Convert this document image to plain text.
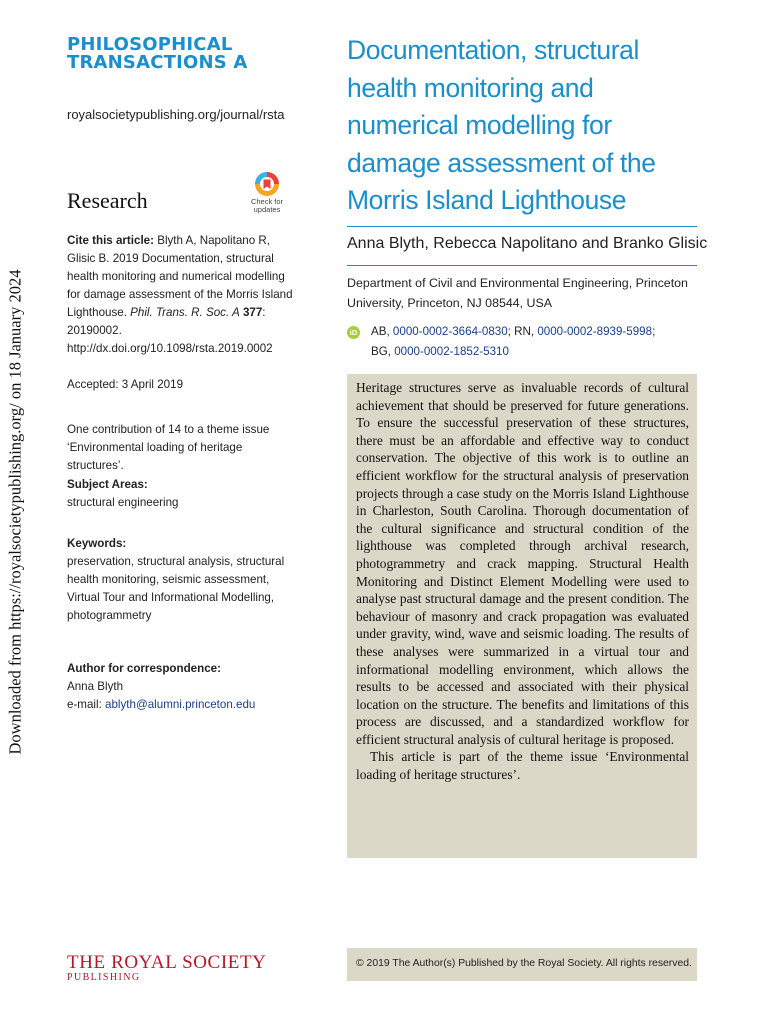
Downloaded from https://royalsocietypublishing.org/ on 18 January 2024
PHILOSOPHICAL
TRANSACTIONS A
royalsocietypublishing.org/journal/rsta
Research	Check for
updates
Cite this article: Blyth A, Napolitano R, Glisic B. 2019 Documentation, structural health monitoring and numerical modelling for damage assessment of the Morris Island Lighthouse. Phil. Trans. R. Soc. A 377: 20190002. http://dx.doi.org/10.1098/rsta.2019.0002
Accepted: 3 April 2019
One contribution of 14 to a theme issue ‘Environmental loading of heritage structures’.
Subject Areas:
structural engineering
Keywords:
preservation, structural analysis, structural health monitoring, seismic assessment, Virtual Tour and Informational Modelling, photogrammetry
Author for correspondence:
Anna Blyth
e-mail: ablyth@alumni.princeton.edu
Documentation, structural health monitoring and numerical modelling for damage assessment of the Morris Island Lighthouse
Anna Blyth, Rebecca Napolitano and Branko Glisic
Department of Civil and Environmental Engineering, Princeton University, Princeton, NJ 08544, USA
iD	AB, 0000-0002-3664-0830; RN, 0000-0002-8939-5998;
BG, 0000-0002-1852-5310

Heritage structures serve as invaluable records of cultural achievement that should be preserved for future generations. To ensure the successful preservation of these structures, there must be an affordable and effective way to conduct conservation. The objective of this work is to outline an efficient workflow for the structural analysis of preservation projects through a case study on the Morris Island Lighthouse in Charleston, South Carolina. Thorough documentation of the cultural significance and structural condition of the lighthouse was completed through archival research, photogrammetry and crack mapping. Structural Health Monitoring and Distinct Element Modelling were used to analyse past structural damage and the present condition. The behaviour of masonry and crack propagation was evaluated under gravity, wind, wave and seismic loading. The results of these analyses were summarized in a virtual tour and informational modelling environment, which allows the results to be accessed and associated with their physical location on the structure. The benefits and limitations of this process are discussed, and a standardized workflow for efficient structural analysis of cultural heritage is proposed.

This article is part of the theme issue ‘Environmental loading of heritage structures’.

THE ROYAL SOCIETY
PUBLISHING
© 2019 The Author(s) Published by the Royal Society. All rights reserved.
